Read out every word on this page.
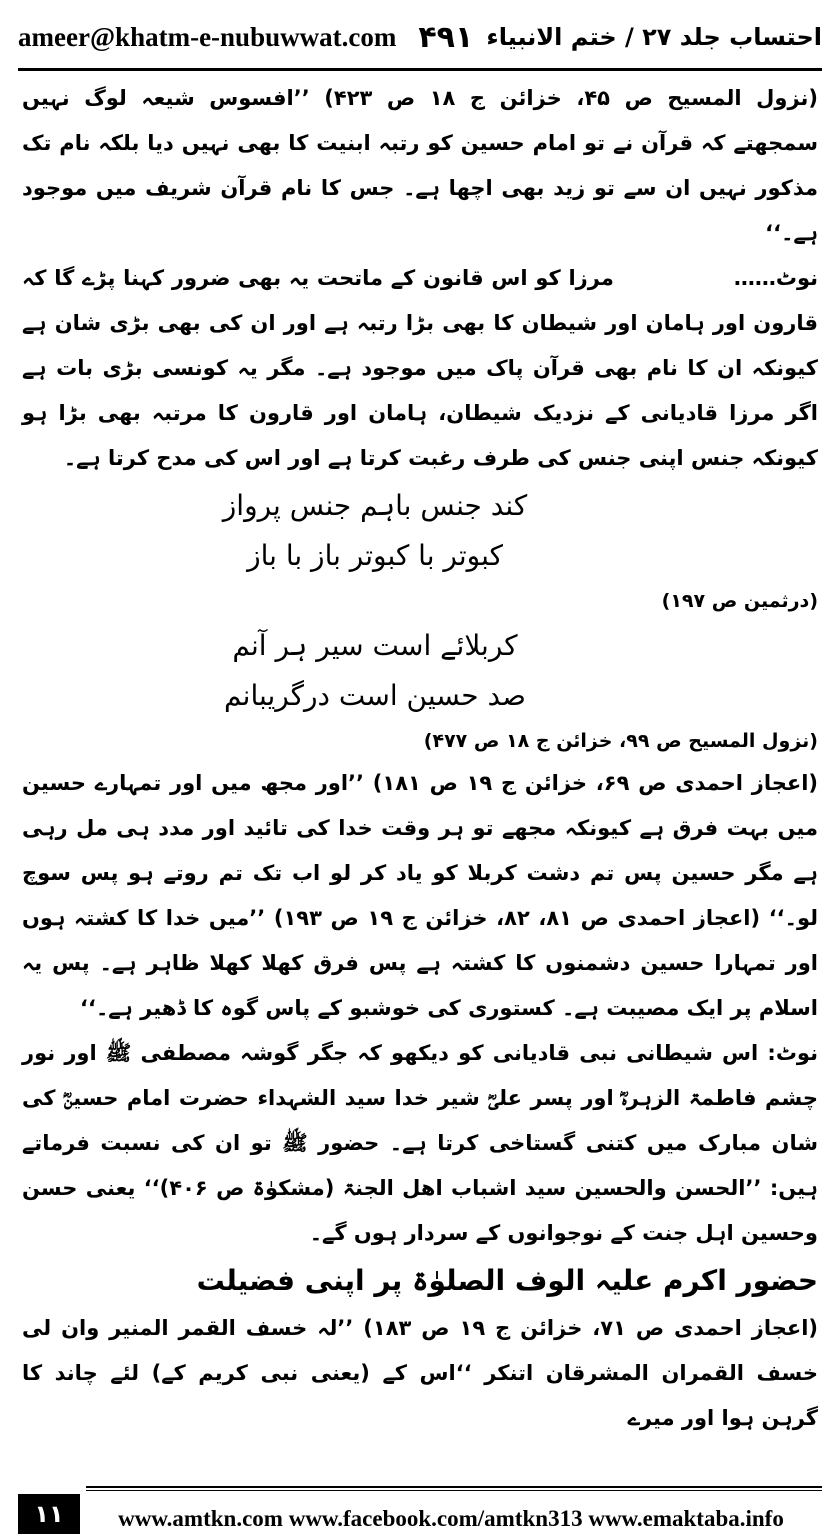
ameer@khatm-e-nubuwwat.com ۴۹۱ احتساب جلد ۲۷ / ختم الانبیاء

(نزول المسیح ص ۴۵، خزائن ج ۱۸ ص ۴۲۳) ’’افسوس شیعہ لوگ نہیں سمجھتے کہ قرآن نے تو امام حسین کو رتبہ ابنیت کا بھی نہیں دیا بلکہ نام تک مذکور نہیں ان سے تو زید بھی اچھا ہے۔ جس کا نام قرآن شریف میں موجود ہے۔‘‘

نوٹ……مرزا کو اس قانون کے ماتحت یہ بھی ضرور کہنا پڑے گا کہ قارون اور ہامان اور شیطان کا بھی بڑا رتبہ ہے اور ان کی بھی بڑی شان ہے کیونکہ ان کا نام بھی قرآن پاک میں موجود ہے۔ مگر یہ کونسی بڑی بات ہے اگر مرزا قادیانی کے نزدیک شیطان، ہامان اور قارون کا مرتبہ بھی بڑا ہو کیونکہ جنس اپنی جنس کی طرف رغبت کرتا ہے اور اس کی مدح کرتا ہے۔

کند جنس باہم جنس پرواز

کبوتر با کبوتر باز با باز

(درثمین ص ۱۹۷)

کربلائے است سیر ہر آنم

صد حسین است درگریبانم

(نزول المسیح ص ۹۹، خزائن ج ۱۸ ص ۴۷۷)

(اعجاز احمدی ص ۶۹، خزائن ج ۱۹ ص ۱۸۱) ’’اور مجھ میں اور تمہارے حسین میں بہت فرق ہے کیونکہ مجھے تو ہر وقت خدا کی تائید اور مدد ہی مل رہی ہے مگر حسین پس تم دشت کربلا کو یاد کر لو اب تک تم روتے ہو پس سوچ لو۔‘‘ (اعجاز احمدی ص ۸۱، ۸۲، خزائن ج ۱۹ ص ۱۹۳) ’’میں خدا کا کشتہ ہوں اور تمہارا حسین دشمنوں کا کشتہ ہے پس فرق کھلا کھلا ظاہر ہے۔ پس یہ اسلام پر ایک مصیبت ہے۔ کستوری کی خوشبو کے پاس گوہ کا ڈھیر ہے۔‘‘

نوٹ: اس شیطانی نبی قادیانی کو دیکھو کہ جگر گوشہ مصطفی ﷺ اور نور چشم فاطمۃ الزہرہؓ اور پسر علیؓ شیر خدا سید الشہداء حضرت امام حسینؓ کی شان مبارک میں کتنی گستاخی کرتا ہے۔ حضور ﷺ تو ان کی نسبت فرماتے ہیں: ’’الحسن والحسین سید اشباب اھل الجنۃ (مشکوٰۃ ص ۴۰۶)‘‘ یعنی حسن وحسین اہل جنت کے نوجوانوں کے سردار ہوں گے۔

حضور اکرم علیہ الوف الصلوٰۃ پر اپنی فضیلت

(اعجاز احمدی ص ۷۱، خزائن ج ۱۹ ص ۱۸۳) ’’لہ خسف القمر المنیر وان لی خسف القمران المشرقان اتنکر ‘‘اس کے (یعنی نبی کریم کے) لئے چاند کا گرہن ہوا اور میرے

۱۱	www.amtkn.com www.facebook.com/amtkn313 www.emaktaba.info
